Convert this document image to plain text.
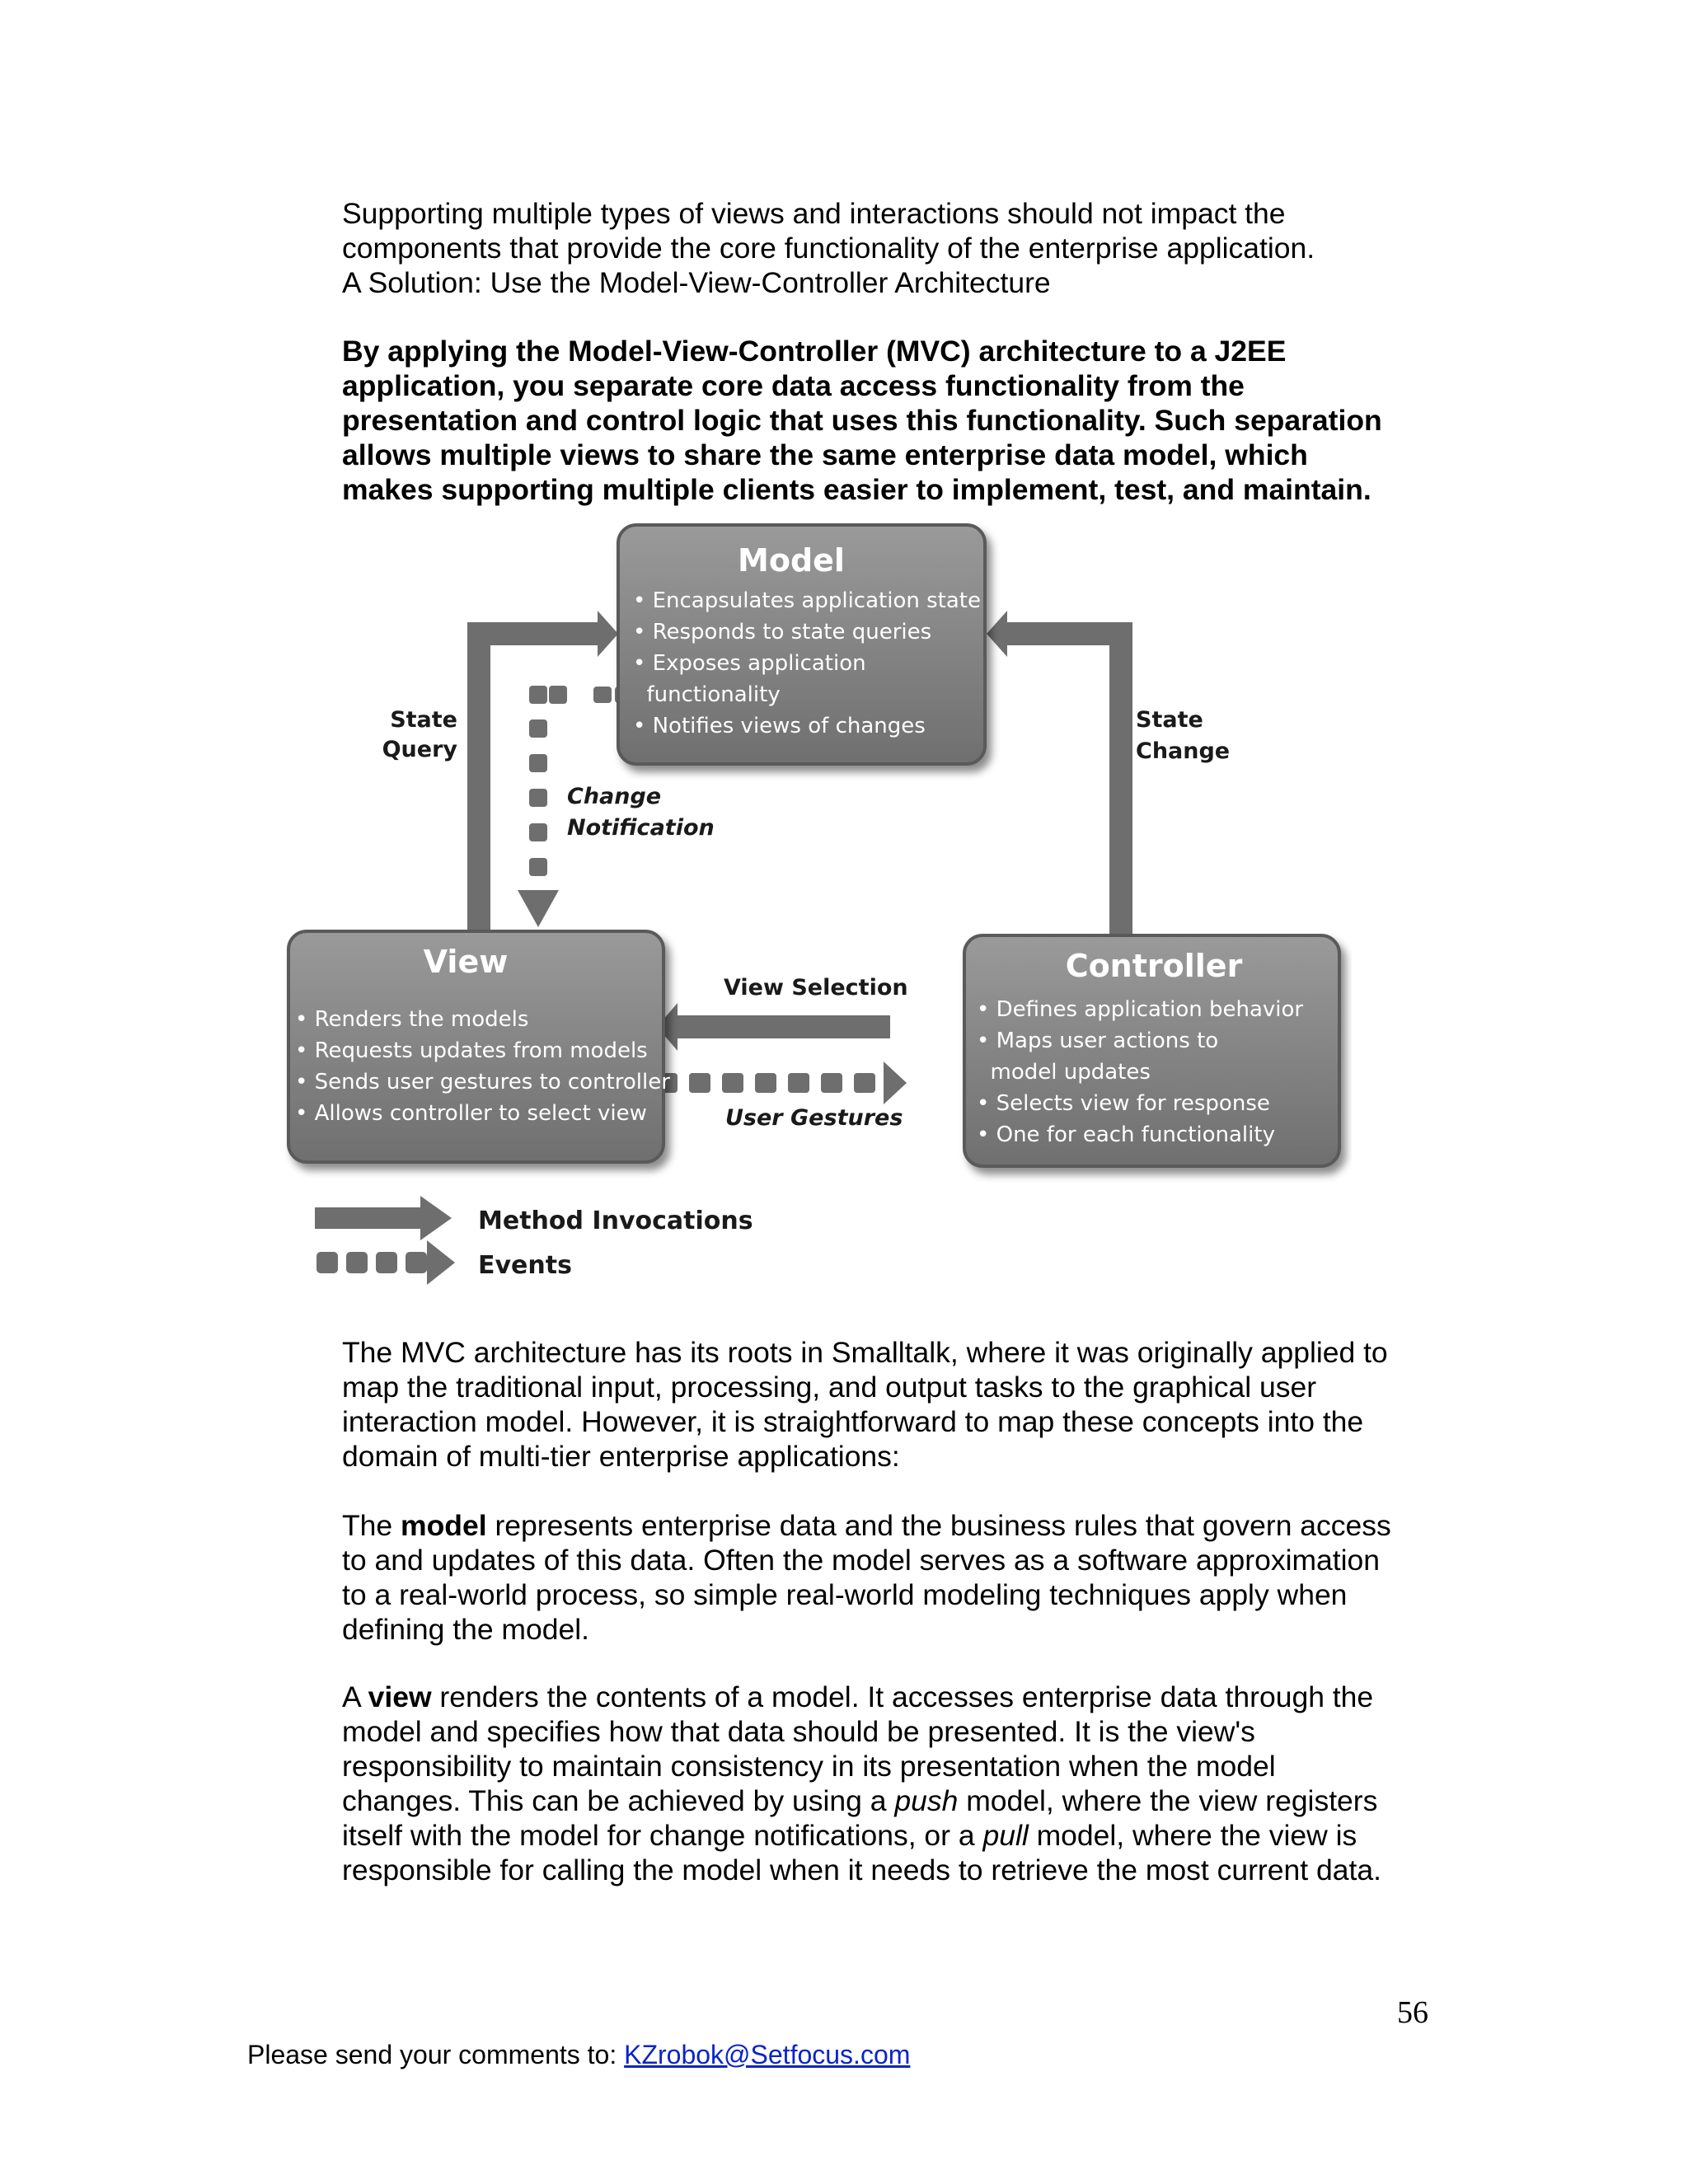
Supporting multiple types of views and interactions should not impact the
components that provide the core functionality of the enterprise application.
A Solution: Use the Model-View-Controller Architecture
By applying the Model-View-Controller (MVC) architecture to a J2EE
application, you separate core data access functionality from the
presentation and control logic that uses this functionality. Such separation
allows multiple views to share the same enterprise data model, which
makes supporting multiple clients easier to implement, test, and maintain.
Model
• Encapsulates application state
• Responds to state queries
• Exposes application
functionality
• Notifies views of changes
View
• Renders the models
• Requests updates from models
• Sends user gestures to controller
• Allows controller to select view
Controller
• Defines application behavior
• Maps user actions to
model updates
• Selects view for response
• One for each functionality
State
Query
State
Change
Change
Notification
View Selection
User Gestures
Method Invocations
Events
The MVC architecture has its roots in Smalltalk, where it was originally applied to
map the traditional input, processing, and output tasks to the graphical user
interaction model. However, it is straightforward to map these concepts into the
domain of multi-tier enterprise applications:
The model represents enterprise data and the business rules that govern access
to and updates of this data. Often the model serves as a software approximation
to a real-world process, so simple real-world modeling techniques apply when
defining the model.
A view renders the contents of a model. It accesses enterprise data through the
model and specifies how that data should be presented. It is the view's
responsibility to maintain consistency in its presentation when the model
changes. This can be achieved by using a push model, where the view registers
itself with the model for change notifications, or a pull model, where the view is
responsible for calling the model when it needs to retrieve the most current data.
56
Please send your comments to: KZrobok@Setfocus.com
